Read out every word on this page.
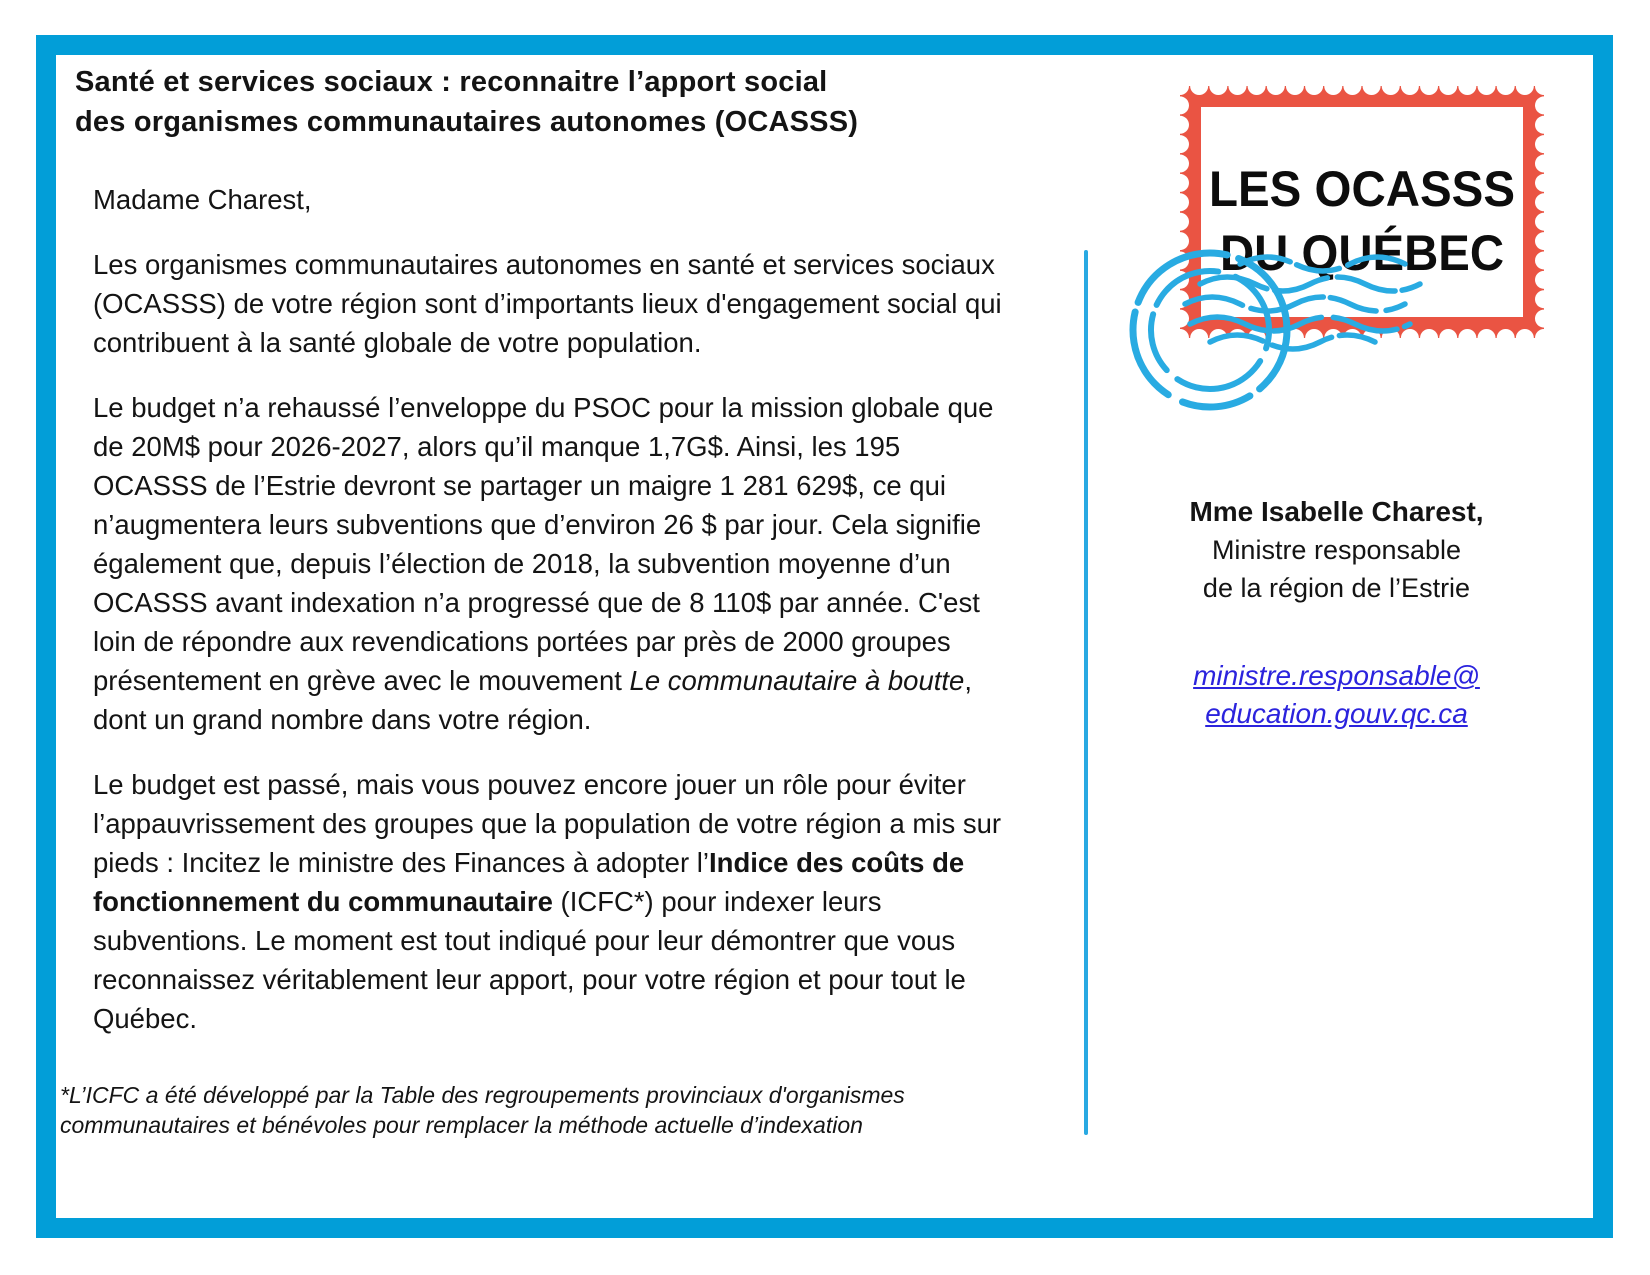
Santé et services sociaux : reconnaitre l’apport social
des organismes communautaires autonomes (OCASSS)
Madame Charest,

Les organismes communautaires autonomes en santé et services sociaux (OCASSS) de votre région sont d’importants lieux d'engagement social qui contribuent à la santé globale de votre population.

Le budget n’a rehaussé l’enveloppe du PSOC pour la mission globale que de 20M$ pour 2026-2027, alors qu’il manque 1,7G$. Ainsi, les 195 OCASSS de l’Estrie devront se partager un maigre 1 281 629$, ce qui n’augmentera leurs subventions que d’environ 26 $ par jour. Cela signifie également que, depuis l’élection de 2018, la subvention moyenne d’un OCASSS avant indexation n’a progressé que de 8 110$ par année. C'est loin de répondre aux revendications portées par près de 2000 groupes présentement en grève avec le mouvement Le communautaire à boutte, dont un grand nombre dans votre région.

Le budget est passé, mais vous pouvez encore jouer un rôle pour éviter l’appauvrissement des groupes que la population de votre région a mis sur pieds : Incitez le ministre des Finances à adopter l’Indice des coûts de fonctionnement du communautaire (ICFC*) pour indexer leurs subventions. Le moment est tout indiqué pour leur démontrer que vous reconnaissez véritablement leur apport, pour votre région et pour tout le Québec.

*L’ICFC a été développé par la Table des regroupements provinciaux d'organismes communautaires et bénévoles pour remplacer la méthode actuelle d’indexation
LES OCASSS
DU QUÉBEC
Mme Isabelle Charest,
Ministre responsable
de la région de l’Estrie
ministre.responsable@
education.gouv.qc.ca
